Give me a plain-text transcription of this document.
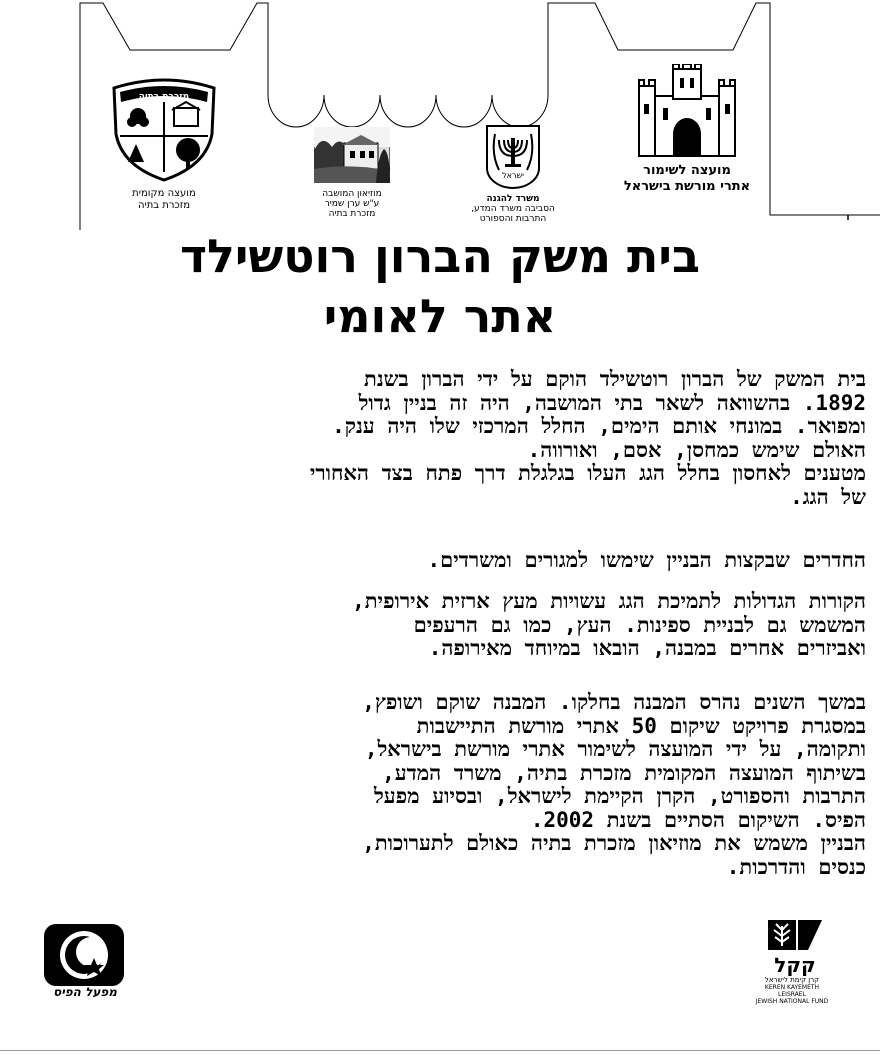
מועצה לשימור
אתרי מורשת בישראל
ישראל
משרד להגנה
הסביבה משרד המדע,
התרבות והספורט
מוזיאון המושבה
ע"ש ערן שמיר
מזכרת בתיה
מזכרת בתיה
מועצה מקומית
מזכרת בתיה
בית משק הברון רוטשילד
אתר לאומי
בית המשק של הברון רוטשילד הוקם על ידי הברון בשנת
1892. בהשוואה לשאר בתי המושבה, היה זה בניין גדול
ומפואר. במונחי אותם הימים, החלל המרכזי שלו היה ענק.
האולם שימש כמחסן, אסם, ואורווה.
מטענים לאחסון בחלל הגג העלו בגלגלת דרך פתח בצד האחורי
של הגג.
החדרים שבקצות הבניין שימשו למגורים ומשרדים.
הקורות הגדולות לתמיכת הגג עשויות מעץ ארזית אירופית,
המשמש גם לבניית ספינות. העץ, כמו גם הרעפים
ואביזרים אחרים במבנה, הובאו במיוחד מאירופה.
במשך השנים נהרס המבנה בחלקו. המבנה שוקם ושופץ,
במסגרת פרויקט שיקום 50 אתרי מורשת התיישבות
ותקומה, על ידי המועצה לשימור אתרי מורשת בישראל,
בשיתוף המועצה המקומית מזכרת בתיה, משרד המדע,
התרבות והספורט, הקרן הקיימת לישראל, ובסיוע מפעל
הפיס. השיקום הסתיים בשנת 2002.
הבניין משמש את מוזיאון מזכרת בתיה כאולם לתערוכות,
כנסים והדרכות.
מפעל הפיס
קקל
קרן קימת לישראל
KEREN KAYEMETH LEISRAEL
JEWISH NATIONAL FUND
